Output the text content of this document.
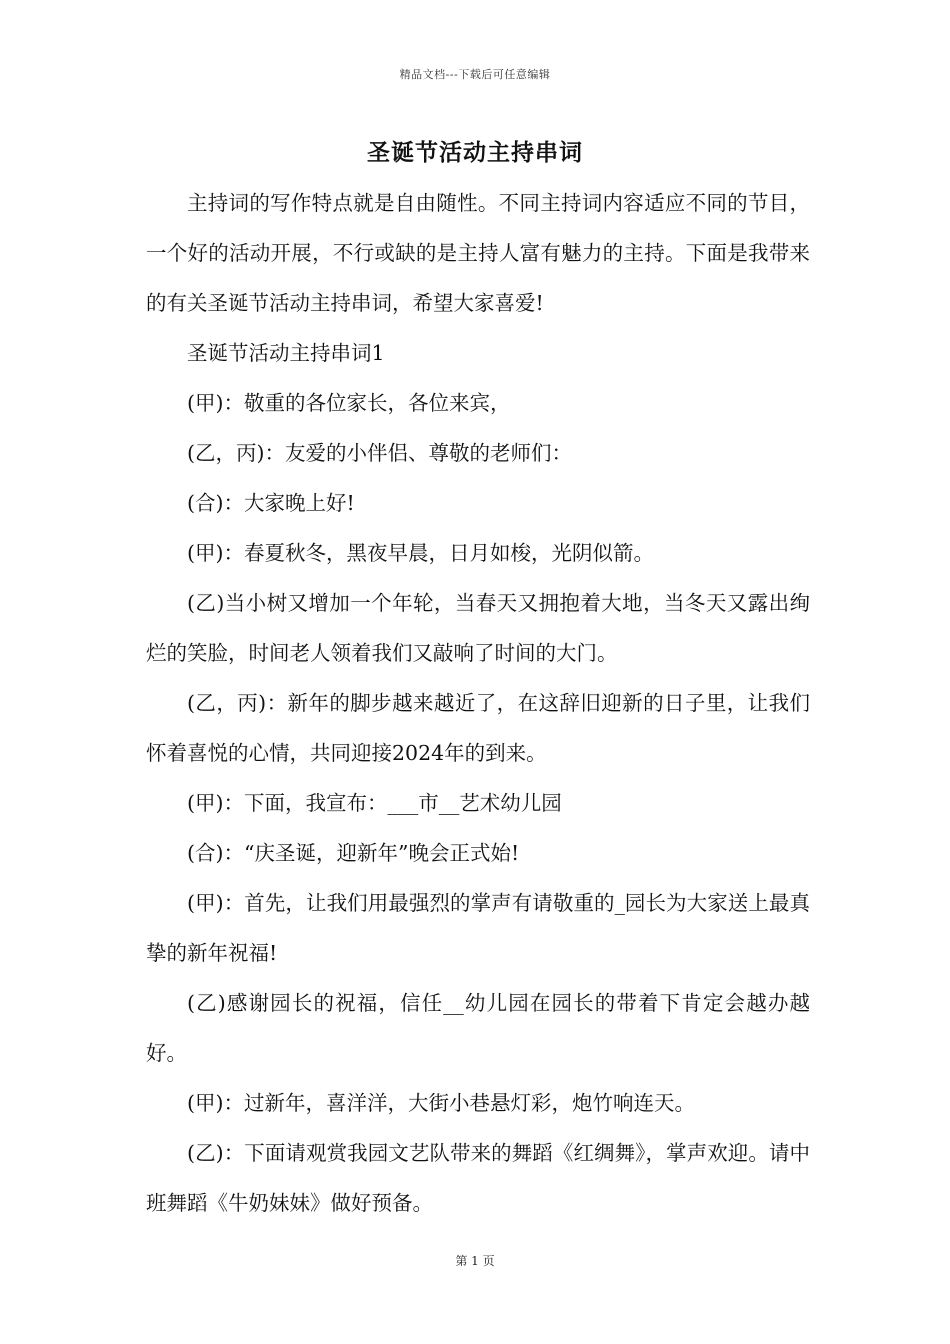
精品文档---下载后可任意编辑
圣诞节活动主持串词

主持词的写作特点就是自由随性。不同主持词内容适应不同的节目，一个好的活动开展，不行或缺的是主持人富有魅力的主持。下面是我带来的有关圣诞节活动主持串词，希望大家喜爱!

圣诞节活动主持串词1

(甲)：敬重的各位家长，各位来宾，

(乙，丙)：友爱的小伴侣、尊敬的老师们：

(合)：大家晚上好!

(甲)：春夏秋冬，黑夜早晨，日月如梭，光阴似箭。

(乙)当小树又增加一个年轮，当春天又拥抱着大地，当冬天又露出绚烂的笑脸，时间老人领着我们又敲响了时间的大门。

(乙，丙)：新年的脚步越来越近了，在这辞旧迎新的日子里，让我们怀着喜悦的心情，共同迎接2024年的到来。

(甲)：下面，我宣布：___市__艺术幼儿园

(合)：“庆圣诞，迎新年”晚会正式始!

(甲)：首先，让我们用最强烈的掌声有请敬重的_园长为大家送上最真挚的新年祝福!

(乙)感谢园长的祝福，信任__幼儿园在园长的带着下肯定会越办越好。

(甲)：过新年，喜洋洋，大街小巷悬灯彩，炮竹响连天。

(乙)：下面请观赏我园文艺队带来的舞蹈《红绸舞》，掌声欢迎。请中班舞蹈《牛奶妹妹》做好预备。

第 1 页
